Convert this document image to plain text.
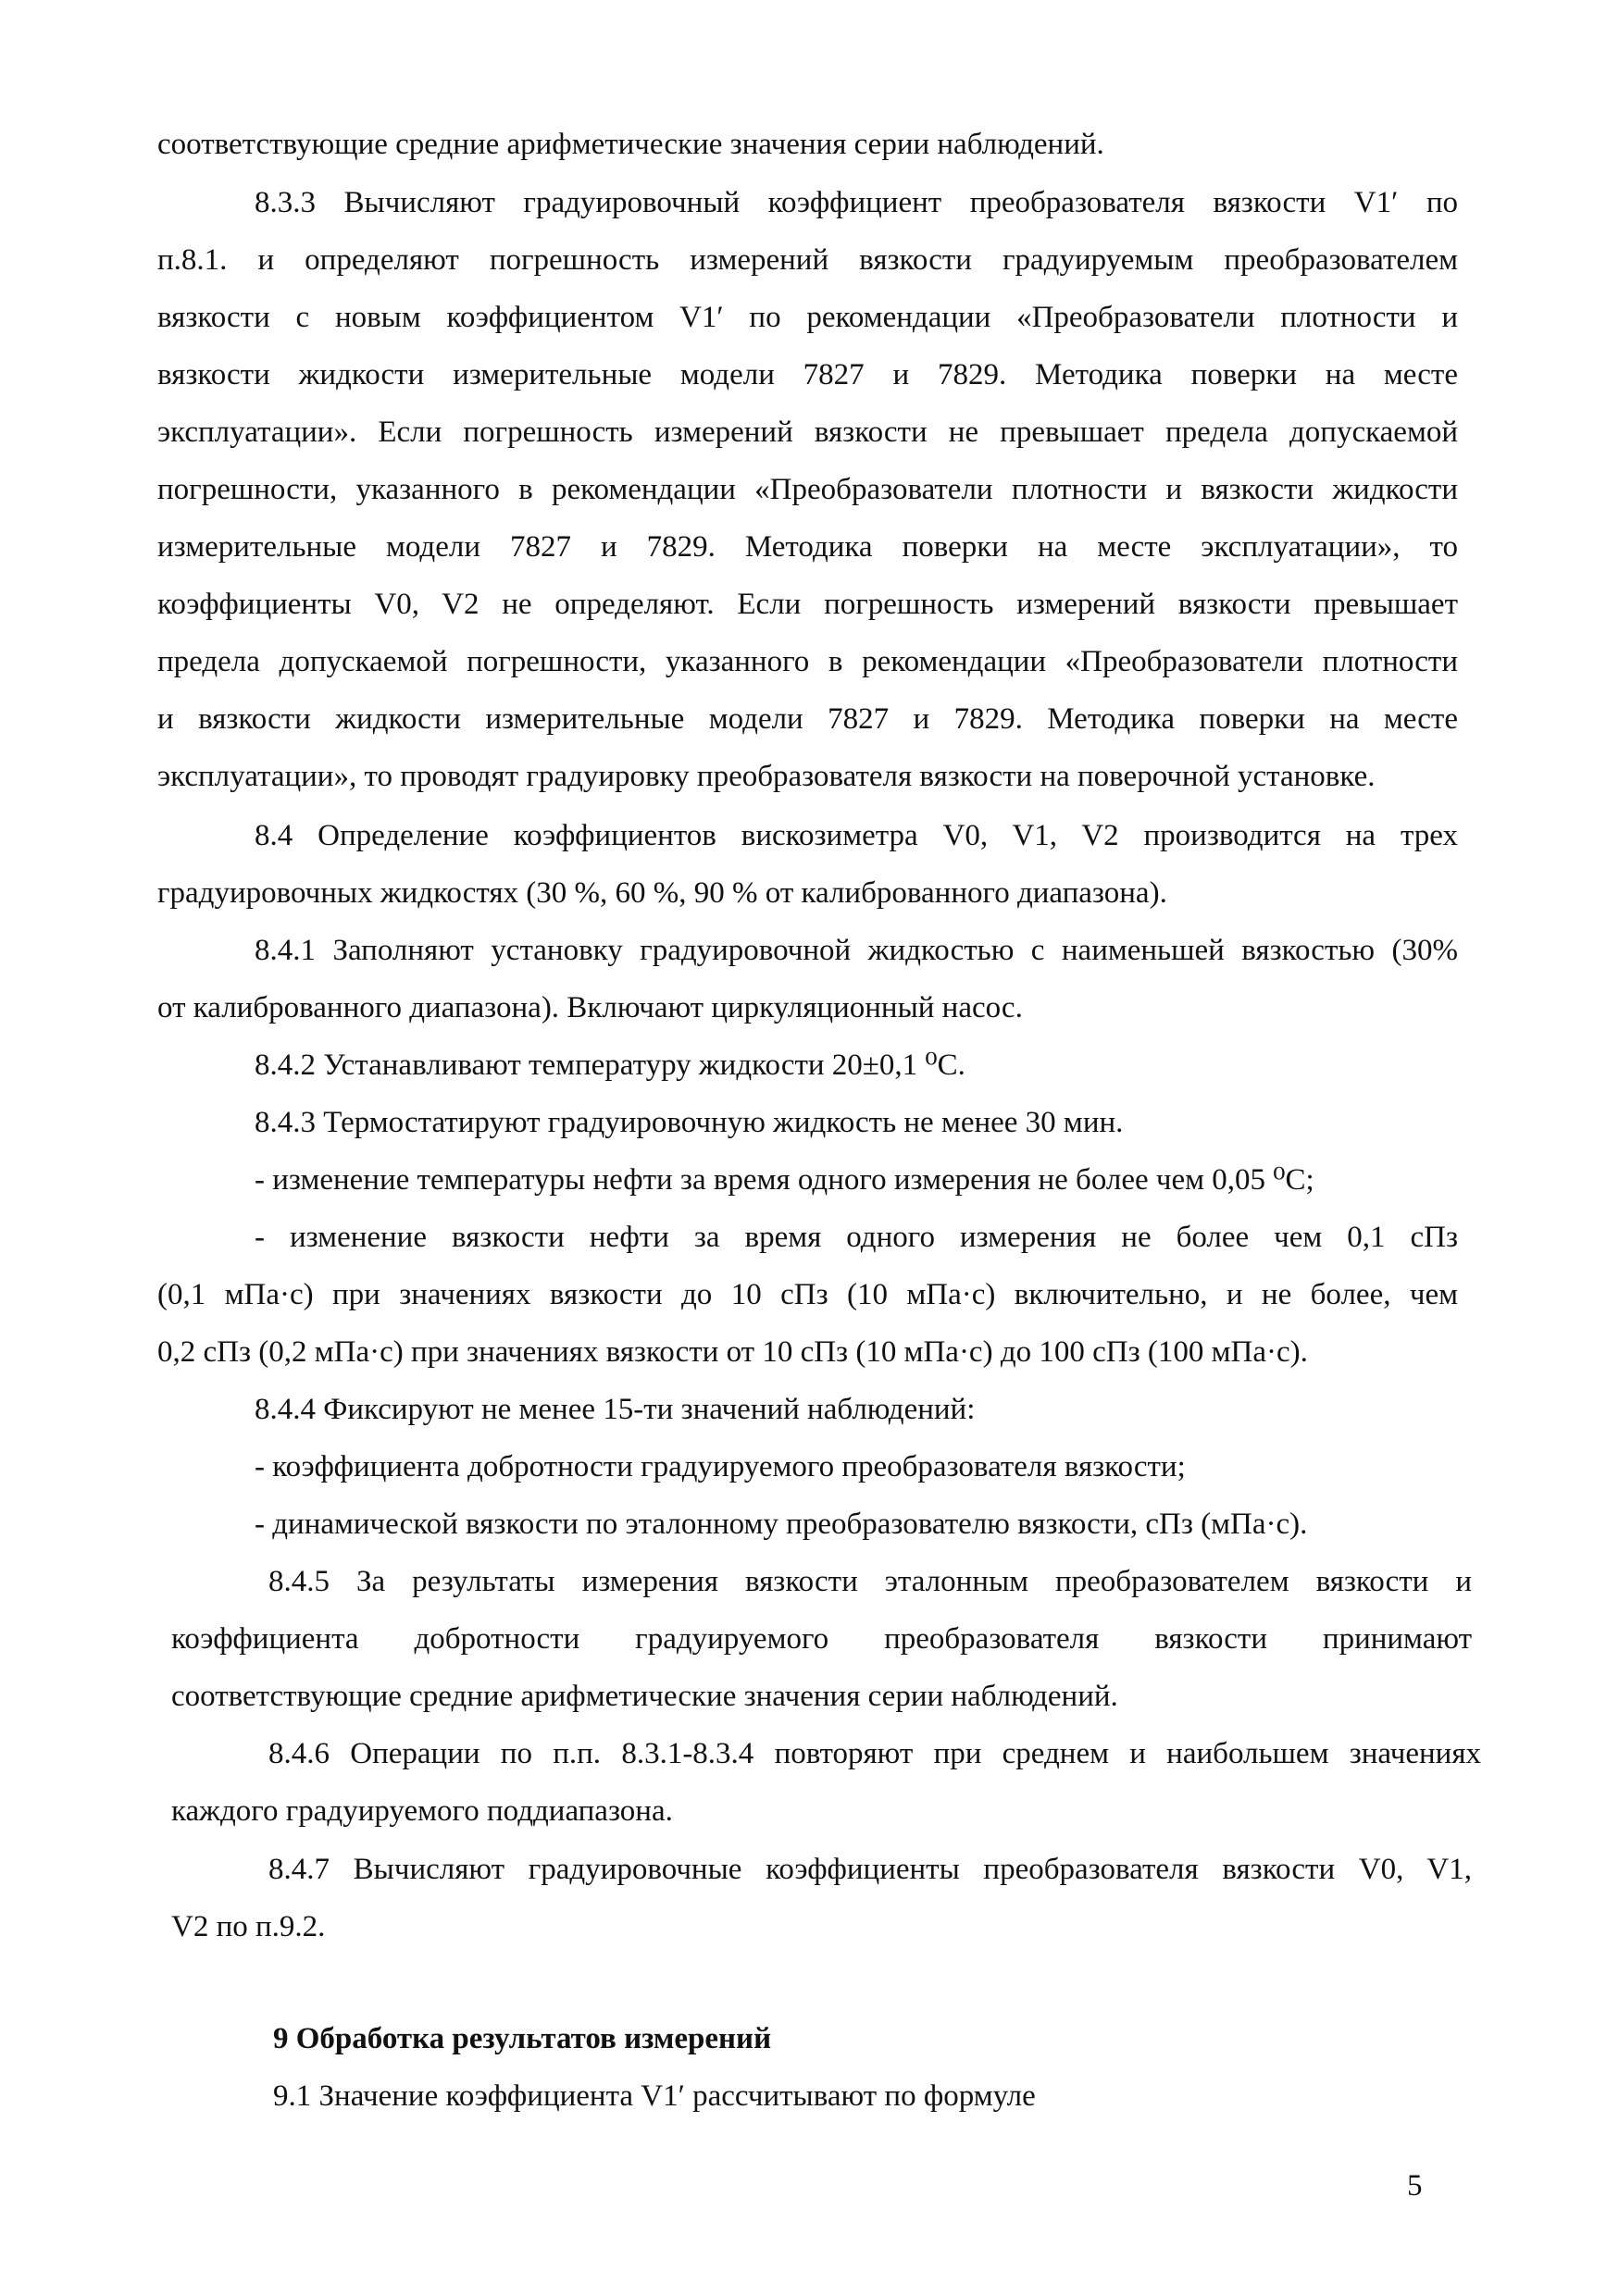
соответствующие средние арифметические значения серии наблюдений.
8.3.3 Вычисляют градуировочный коэффициент преобразователя вязкости V1′ по
п.8.1. и определяют погрешность измерений вязкости градуируемым преобразователем
вязкости с новым коэффициентом V1′ по рекомендации «Преобразователи плотности и
вязкости жидкости измерительные модели 7827 и 7829. Методика поверки на месте
эксплуатации». Если погрешность измерений вязкости не превышает предела допускаемой
погрешности, указанного в рекомендации «Преобразователи плотности и вязкости жидкости
измерительные модели 7827 и 7829. Методика поверки на месте эксплуатации», то
коэффициенты V0, V2 не определяют. Если погрешность измерений вязкости превышает
предела допускаемой погрешности, указанного в рекомендации «Преобразователи плотности
и вязкости жидкости измерительные модели 7827 и 7829. Методика поверки на месте
эксплуатации», то проводят градуировку преобразователя вязкости на поверочной установке.
8.4 Определение коэффициентов вискозиметра V0, V1, V2 производится на трех
градуировочных жидкостях (30 %, 60 %, 90 % от калиброванного диапазона).
8.4.1 Заполняют установку градуировочной жидкостью с наименьшей вязкостью (30%
от калиброванного диапазона). Включают циркуляционный насос.
8.4.2 Устанавливают температуру жидкости 20±0,1 ⁰С.
8.4.3 Термостатируют градуировочную жидкость не менее 30 мин.
- изменение температуры нефти за время одного измерения не более чем 0,05 ⁰С;
- изменение вязкости нефти за время одного измерения не более чем 0,1 сПз
(0,1 мПа·с) при значениях вязкости до 10 сПз (10 мПа·с) включительно, и не более, чем
0,2 сПз (0,2 мПа·с) при значениях вязкости от 10 сПз (10 мПа·с) до 100 сПз (100 мПа·с).
8.4.4 Фиксируют не менее 15-ти значений наблюдений:
- коэффициента добротности градуируемого преобразователя вязкости;
- динамической вязкости по эталонному преобразователю вязкости, сПз (мПа·с).
8.4.5 За результаты измерения вязкости эталонным преобразователем вязкости и
коэффициента добротности градуируемого преобразователя вязкости принимают
соответствующие средние арифметические значения серии наблюдений.
8.4.6 Операции по п.п. 8.3.1-8.3.4 повторяют при среднем и наибольшем значениях
каждого градуируемого поддиапазона.
8.4.7 Вычисляют градуировочные коэффициенты преобразователя вязкости V0, V1,
V2 по п.9.2.
9 Обработка результатов измерений
9.1 Значение коэффициента V1′ рассчитывают по формуле
5
